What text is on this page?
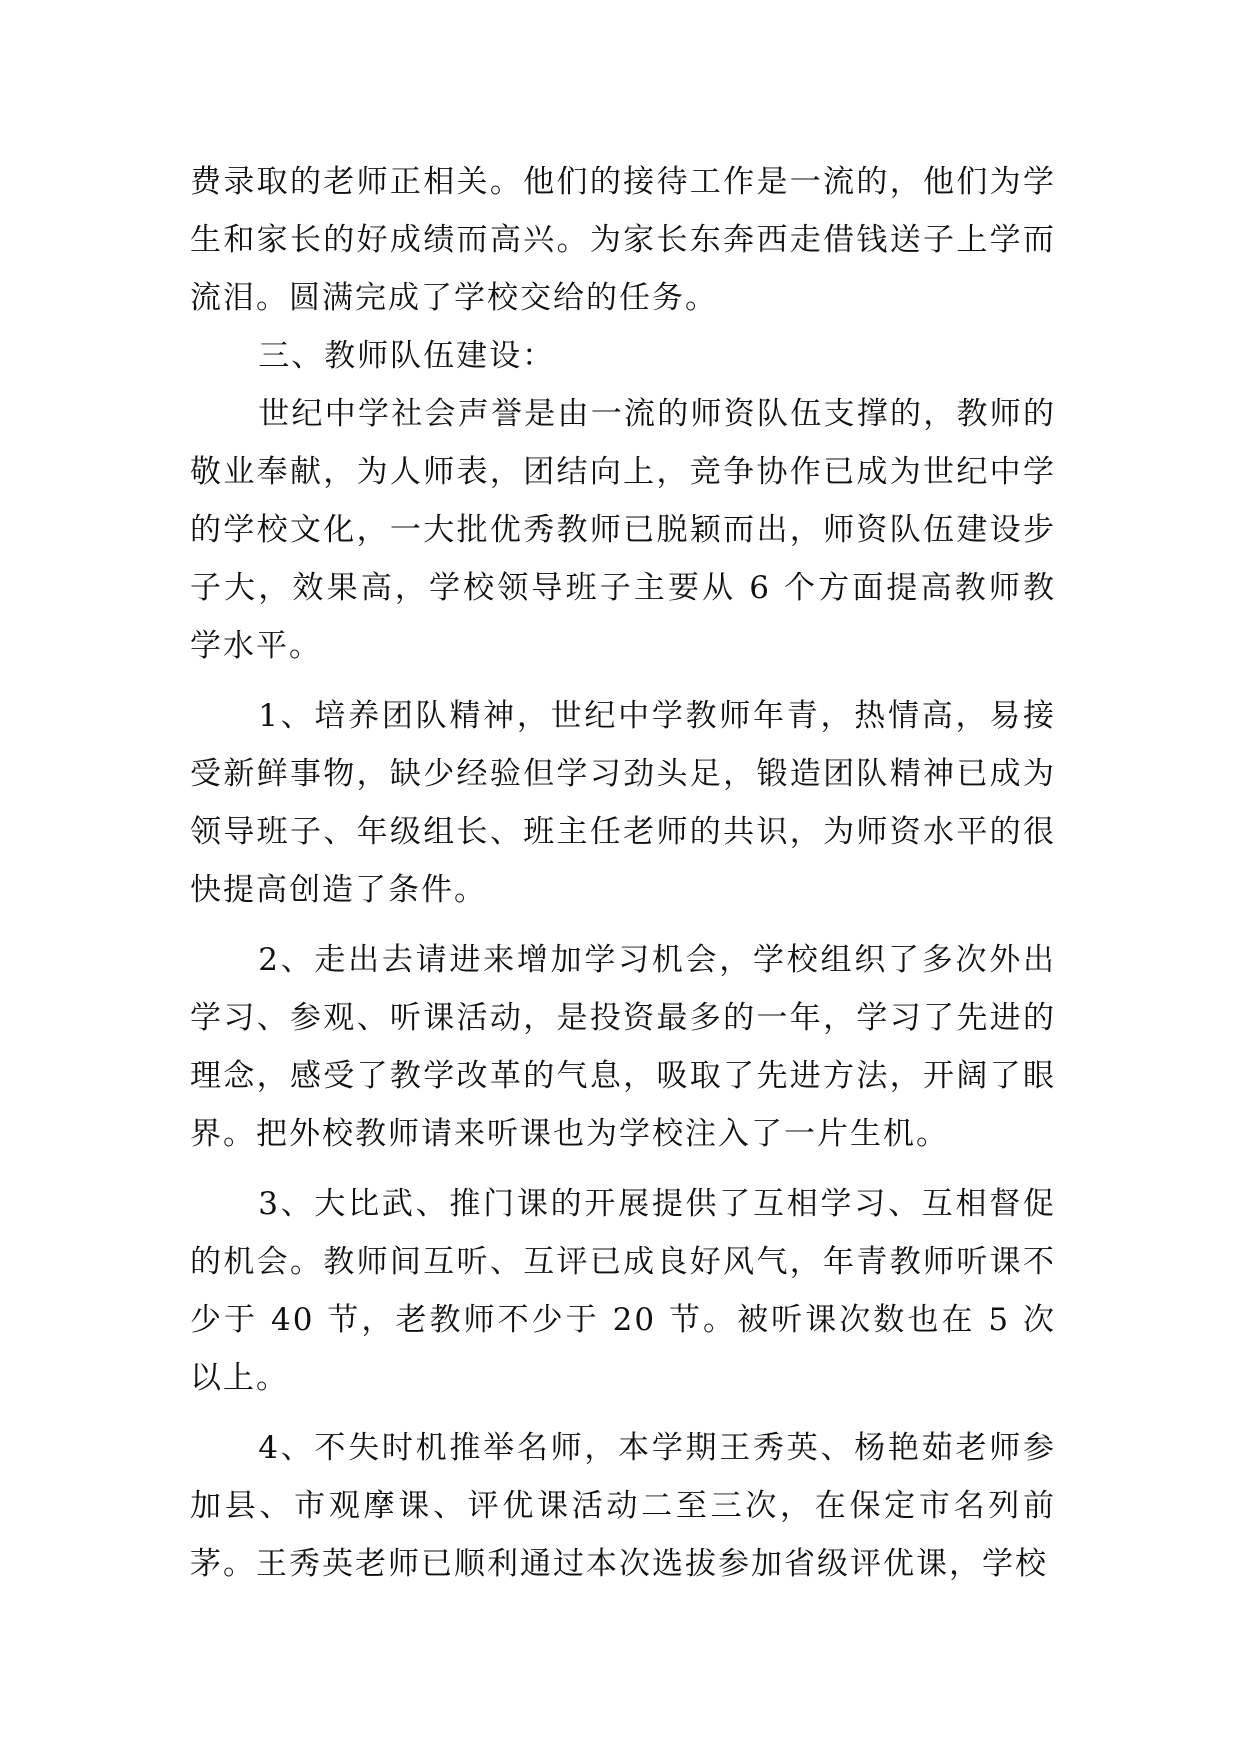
费录取的老师正相关。他们的接待工作是一流的，他们为学生和家长的好成绩而高兴。为家长东奔西走借钱送子上学而流泪。圆满完成了学校交给的任务。

三、教师队伍建设：

世纪中学社会声誉是由一流的师资队伍支撑的，教师的敬业奉献，为人师表，团结向上，竞争协作已成为世纪中学的学校文化，一大批优秀教师已脱颖而出，师资队伍建设步子大，效果高，学校领导班子主要从 6 个方面提高教师教学水平。

1、培养团队精神，世纪中学教师年青，热情高，易接受新鲜事物，缺少经验但学习劲头足，锻造团队精神已成为领导班子、年级组长、班主任老师的共识，为师资水平的很快提高创造了条件。

2、走出去请进来增加学习机会，学校组织了多次外出学习、参观、听课活动，是投资最多的一年，学习了先进的理念，感受了教学改革的气息，吸取了先进方法，开阔了眼界。把外校教师请来听课也为学校注入了一片生机。

3、大比武、推门课的开展提供了互相学习、互相督促的机会。教师间互听、互评已成良好风气，年青教师听课不少于 40 节，老教师不少于 20 节。被听课次数也在 5 次以上。

4、不失时机推举名师，本学期王秀英、杨艳茹老师参加县、市观摩课、评优课活动二至三次，在保定市名列前茅。王秀英老师已顺利通过本次选拔参加省级评优课，学校
